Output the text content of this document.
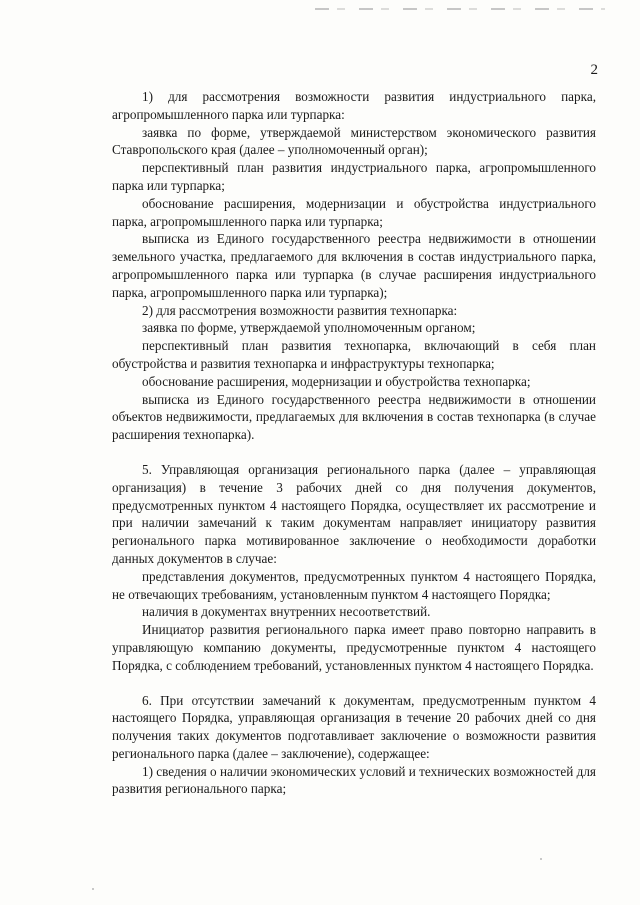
2

1) для рассмотрения возможности развития индустриального парка, агропромышленного парка или турпарка:

заявка по форме, утверждаемой министерством экономического развития Ставропольского края (далее – уполномоченный орган);

перспективный план развития индустриального парка, агропромышленного парка или турпарка;

обоснование расширения, модернизации и обустройства индустриального парка, агропромышленного парка или турпарка;

выписка из Единого государственного реестра недвижимости в отношении земельного участка, предлагаемого для включения в состав индустриального парка, агропромышленного парка или турпарка (в случае расширения индустриального парка, агропромышленного парка или турпарка);

2) для рассмотрения возможности развития технопарка:

заявка по форме, утверждаемой уполномоченным органом;

перспективный план развития технопарка, включающий в себя план обустройства и развития технопарка и инфраструктуры технопарка;

обоснование расширения, модернизации и обустройства технопарка;

выписка из Единого государственного реестра недвижимости в отношении объектов недвижимости, предлагаемых для включения в состав технопарка (в случае расширения технопарка).

5. Управляющая организация регионального парка (далее – управляющая организация) в течение 3 рабочих дней со дня получения документов, предусмотренных пунктом 4 настоящего Порядка, осуществляет их рассмотрение и при наличии замечаний к таким документам направляет инициатору развития регионального парка мотивированное заключение о необходимости доработки данных документов в случае:

представления документов, предусмотренных пунктом 4 настоящего Порядка, не отвечающих требованиям, установленным пунктом 4 настоящего Порядка;

наличия в документах внутренних несоответствий.

Инициатор развития регионального парка имеет право повторно направить в управляющую компанию документы, предусмотренные пунктом 4 настоящего Порядка, с соблюдением требований, установленных пунктом 4 настоящего Порядка.

6. При отсутствии замечаний к документам, предусмотренным пунктом 4 настоящего Порядка, управляющая организация в течение 20 рабочих дней со дня получения таких документов подготавливает заключение о возможности развития регионального парка (далее – заключение), содержащее:

1) сведения о наличии экономических условий и технических возможностей для развития регионального парка;
